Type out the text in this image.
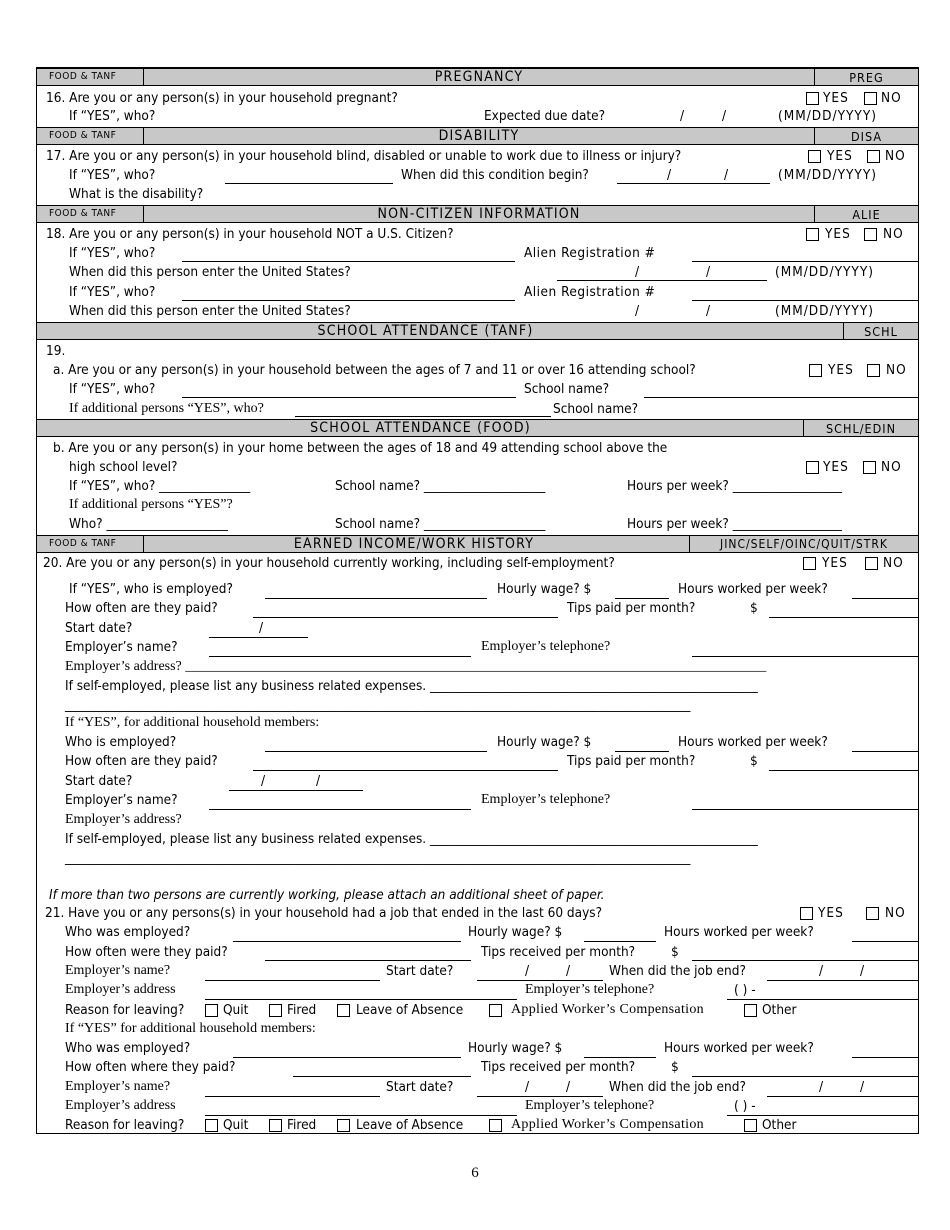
FOOD & TANF	PREGNANCY	PREG
16. Are you or any person(s) in your household pregnant?	YES NO
If “YES”, who?	Expected due date?	/	/	(MM/DD/YYYY)
FOOD & TANF	DISABILITY	DISA
17. Are you or any person(s) in your household blind, disabled or unable to work due to illness or injury?	YES NO
If “YES”, who?	When did this condition begin?	/	/	(MM/DD/YYYY)
What is the disability?
FOOD & TANF	NON-CITIZEN INFORMATION	ALIE
18. Are you or any person(s) in your household NOT a U.S. Citizen?	YES NO
If “YES”, who?	Alien Registration #
When did this person enter the United States?	/	/	(MM/DD/YYYY)
If “YES”, who?	Alien Registration #
When did this person enter the United States?	/	/	(MM/DD/YYYY)
SCHOOL ATTENDANCE (TANF)	SCHL
19.
a. Are you or any person(s) in your household between the ages of 7 and 11 or over 16 attending school?	YES NO
If “YES”, who?	School name?
If additional persons “YES”, who?	School name?
SCHOOL ATTENDANCE (FOOD)	SCHL/EDIN
b. Are you or any person(s) in your home between the ages of 18 and 49 attending school above the
high school level?	YES NO
If “YES”, who? _______________	School name? ____________________	Hours per week? __________________
If additional persons “YES”?
Who? ____________________	School name? ____________________	Hours per week? __________________
FOOD & TANF	EARNED INCOME/WORK HISTORY	JINC/SELF/OINC/QUIT/STRK
20. Are you or any person(s) in your household currently working, including self-employment?	YES	NO
If “YES”, who is employed?	Hourly wage? $	Hours worked per week?
How often are they paid?	Tips paid per month?	$
Start date?	/
Employer’s name?	Employer’s telephone?
Employer’s address? ___________________________________________________________________________________
If self-employed, please list any business related expenses. ______________________________________________________
_______________________________________________________________________________________________________
If “YES”, for additional household members:
Who is employed?	Hourly wage? $	Hours worked per week?
How often are they paid?	Tips paid per month?	$
Start date?	/	/
Employer’s name?	Employer’s telephone?
Employer’s address?
If self-employed, please list any business related expenses. ______________________________________________________
_______________________________________________________________________________________________________
If more than two persons are currently working, please attach an additional sheet of paper.
21. Have you or any persons(s) in your household had a job that ended in the last 60 days?	YES	NO
Who was employed?	Hourly wage? $	Hours worked per week?
How often were they paid?	Tips received per month?	$
Employer’s name?	Start date?	/	/	When did the job end?	/	/
Employer’s address	Employer’s telephone?	( ) -
Reason for leaving?	Quit	Fired	Leave of Absence	Applied Worker’s Compensation	Other
If “YES” for additional household members:
Who was employed?	Hourly wage? $	Hours worked per week?
How often where they paid?	Tips received per month?	$
Employer’s name?	Start date?	/	/	When did the job end?	/	/
Employer’s address	Employer’s telephone?	( ) -
Reason for leaving?	Quit	Fired	Leave of Absence	Applied Worker’s Compensation	Other
6
